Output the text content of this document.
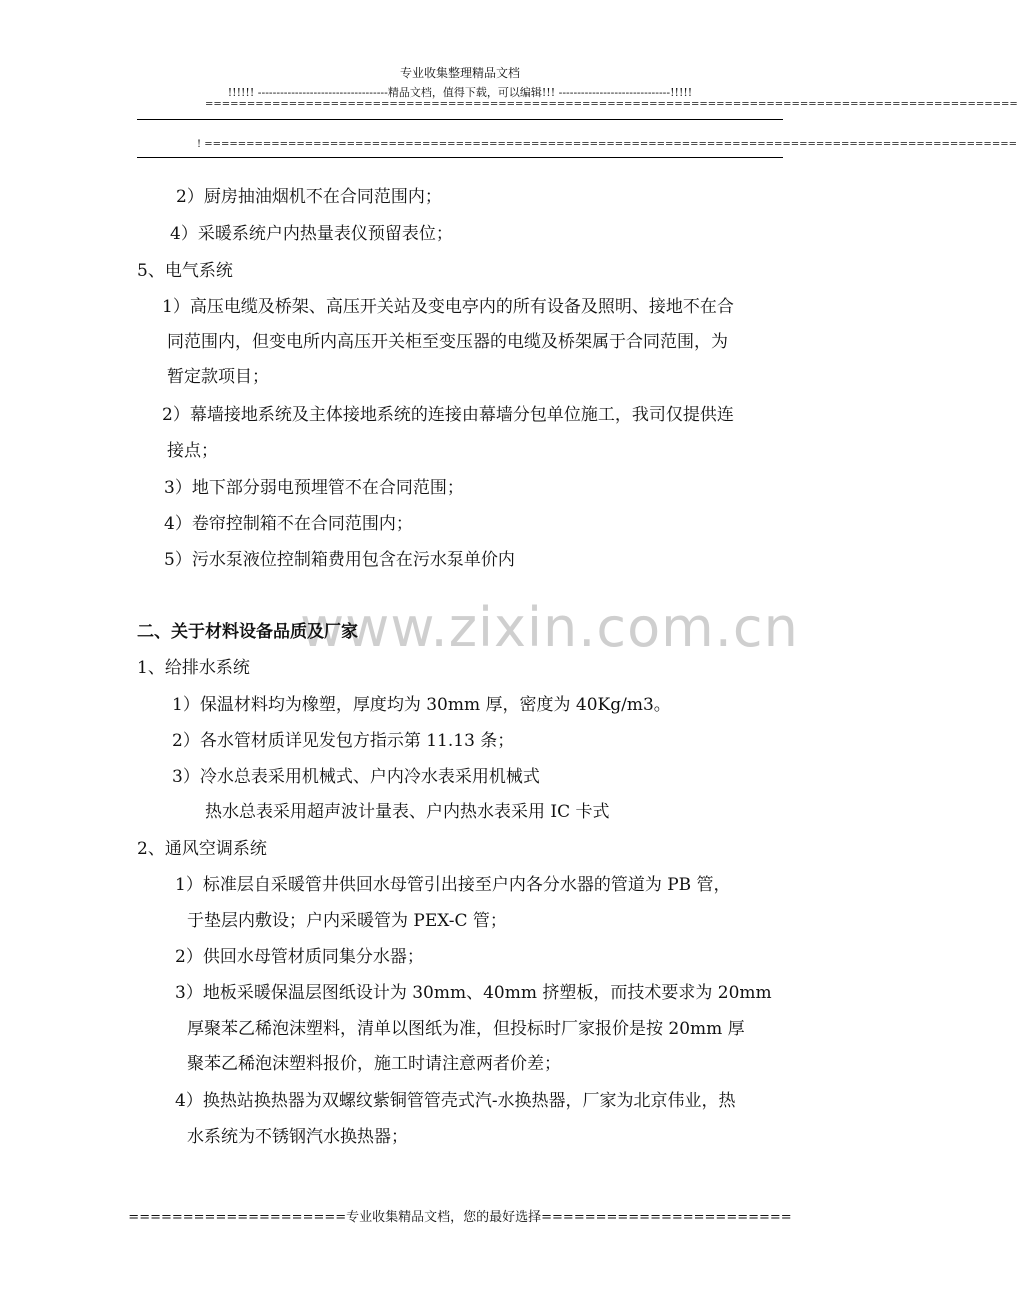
专业收集整理精品文档
!!!!!! -----------------------------------精品文档，值得下载，可以编辑!!! ------------------------------!!!!!
=================================================================================================
! =================================================================================================
www.zixin.com.cn
2）厨房抽油烟机不在合同范围内；
4）采暖系统户内热量表仪预留表位；
5、电气系统
1）高压电缆及桥架、高压开关站及变电亭内的所有设备及照明、接地不在合
同范围内，但变电所内高压开关柜至变压器的电缆及桥架属于合同范围，为
暂定款项目；
2）幕墙接地系统及主体接地系统的连接由幕墙分包单位施工，我司仅提供连
接点；
3）地下部分弱电预埋管不在合同范围；
4）卷帘控制箱不在合同范围内；
5）污水泵液位控制箱费用包含在污水泵单价内
二、关于材料设备品质及厂家
1、给排水系统
1）保温材料均为橡塑，厚度均为 30mm 厚，密度为 40Kg/m3。
2）各水管材质详见发包方指示第 11.13 条；
3）冷水总表采用机械式、户内冷水表采用机械式
热水总表采用超声波计量表、户内热水表采用 IC 卡式
2、通风空调系统
1）标准层自采暖管井供回水母管引出接至户内各分水器的管道为 PB 管，
于垫层内敷设；户内采暖管为 PEX-C 管；
2）供回水母管材质同集分水器；
3）地板采暖保温层图纸设计为 30mm、40mm 挤塑板，而技术要求为 20mm
厚聚苯乙稀泡沫塑料，清单以图纸为准，但投标时厂家报价是按 20mm 厚
聚苯乙稀泡沫塑料报价，施工时请注意两者价差；
4）换热站换热器为双螺纹紫铜管管壳式汽-水换热器，厂家为北京伟业，热
水系统为不锈钢汽水换热器；
====================专业收集精品文档，您的最好选择=======================
